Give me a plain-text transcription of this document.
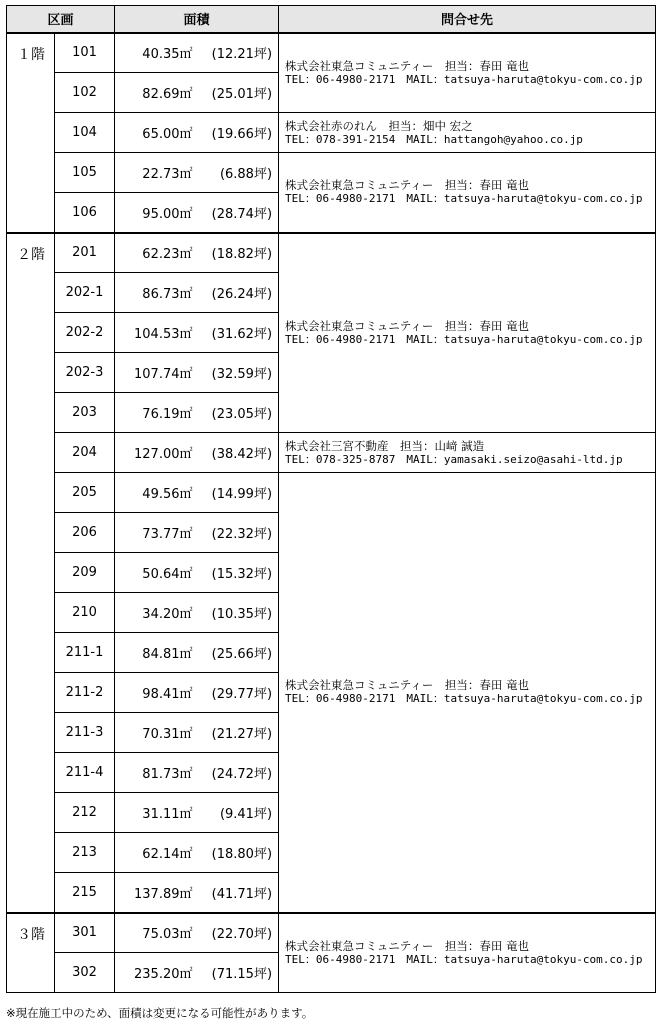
区画		面積		問合せ先
１階	101	40.35㎡	(12.21坪)	株式会社東急コミュニティー　担当：春田 竜也
TEL：06-4980-2171　MAIL：tatsuya-haruta@tokyu-com.co.jp

	102	82.69㎡	(25.01坪)	
	104	65.00㎡	(19.66坪)	株式会社赤のれん　担当：畑中 宏之
TEL：078-391-2154　MAIL：hattangoh@yahoo.co.jp

	105	22.73㎡	(6.88坪)	株式会社東急コミュニティー　担当：春田 竜也
TEL：06-4980-2171　MAIL：tatsuya-haruta@tokyu-com.co.jp

	106	95.00㎡	(28.74坪)	
２階	201	62.23㎡	(18.82坪)	株式会社東急コミュニティー　担当：春田 竜也
TEL：06-4980-2171　MAIL：tatsuya-haruta@tokyu-com.co.jp

	202-1	86.73㎡	(26.24坪)	
	202-2	104.53㎡	(31.62坪)	
	202-3	107.74㎡	(32.59坪)	
	203	76.19㎡	(23.05坪)	
	204	127.00㎡	(38.42坪)	株式会社三宮不動産　担当：山﨑 誠造
TEL：078-325-8787　MAIL：yamasaki.seizo@asahi-ltd.jp

	205	49.56㎡	(14.99坪)	株式会社東急コミュニティー　担当：春田 竜也
TEL：06-4980-2171　MAIL：tatsuya-haruta@tokyu-com.co.jp

	206	73.77㎡	(22.32坪)	
	209	50.64㎡	(15.32坪)	
	210	34.20㎡	(10.35坪)	
	211-1	84.81㎡	(25.66坪)	
	211-2	98.41㎡	(29.77坪)	
	211-3	70.31㎡	(21.27坪)	
	211-4	81.73㎡	(24.72坪)	
	212	31.11㎡	(9.41坪)	
	213	62.14㎡	(18.80坪)	
	215	137.89㎡	(41.71坪)	
３階	301	75.03㎡	(22.70坪)	株式会社東急コミュニティー　担当：春田 竜也
TEL：06-4980-2171　MAIL：tatsuya-haruta@tokyu-com.co.jp

	302	235.20㎡	(71.15坪)	
※現在施工中のため、面積は変更になる可能性があります。
